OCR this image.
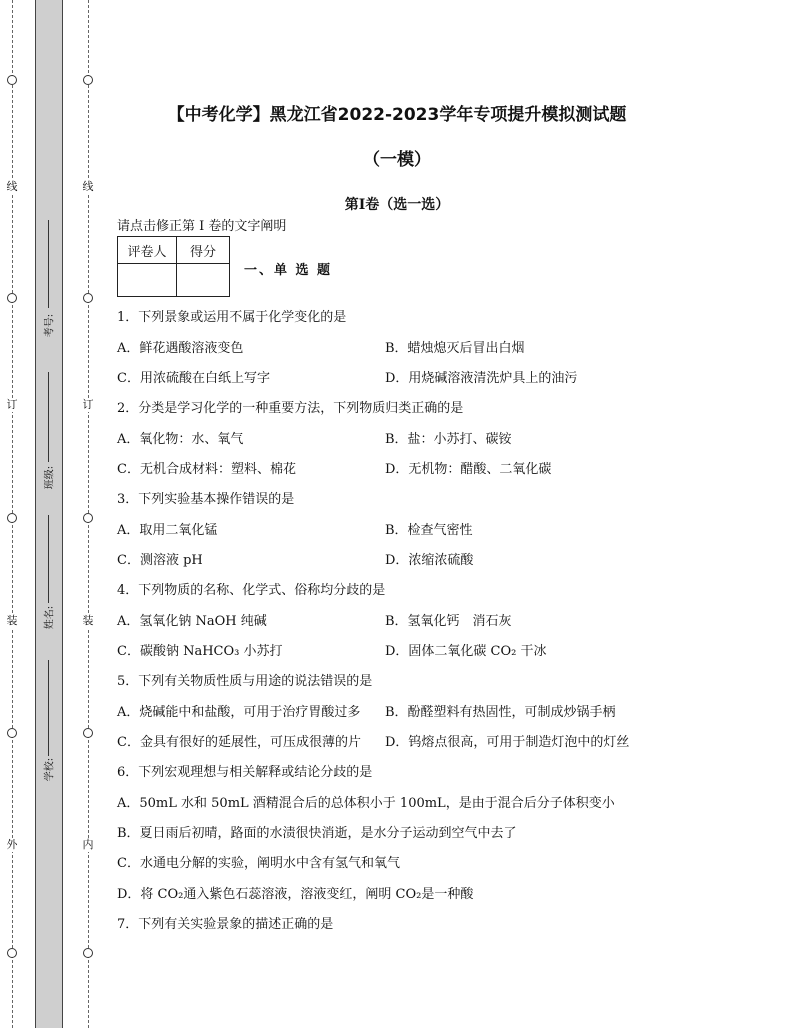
线
订
装
外
线
订
装
内
考号:
班级:
姓名:
学校:
【中考化学】黑龙江省2022-2023学年专项提升模拟测试题
（一模）
第I卷（选一选）
请点击修正第 I 卷的文字阐明
评卷人	得分

一、单 选 题
1．下列景象或运用不属于化学变化的是
A．鲜花遇酸溶液变色	B．蜡烛熄灭后冒出白烟
C．用浓硫酸在白纸上写字	D．用烧碱溶液清洗炉具上的油污
2．分类是学习化学的一种重要方法，下列物质归类正确的是
A．氧化物：水、氧气	B．盐：小苏打、碳铵
C．无机合成材料：塑料、棉花	D．无机物：醋酸、二氧化碳
3．下列实验基本操作错误的是
A．取用二氧化锰	B．检查气密性
C．测溶液 pH	D．浓缩浓硫酸
4．下列物质的名称、化学式、俗称均分歧的是
A．氢氧化钠 NaOH 纯碱	B．氢氧化钙　消石灰
C．碳酸钠 NaHCO₃ 小苏打	D．固体二氧化碳 CO₂ 干冰
5．下列有关物质性质与用途的说法错误的是
A．烧碱能中和盐酸，可用于治疗胃酸过多 B．酚醛塑料有热固性，可制成炒锅手柄
C．金具有很好的延展性，可压成很薄的片 D．钨熔点很高，可用于制造灯泡中的灯丝
6．下列宏观理想与相关解释或结论分歧的是
A．50mL 水和 50mL 酒精混合后的总体积小于 100mL，是由于混合后分子体积变小
B．夏日雨后初晴，路面的水渍很快消逝，是水分子运动到空气中去了
C．水通电分解的实验，阐明水中含有氢气和氧气
D．将 CO₂通入紫色石蕊溶液，溶液变红，阐明 CO₂是一种酸
7．下列有关实验景象的描述正确的是
